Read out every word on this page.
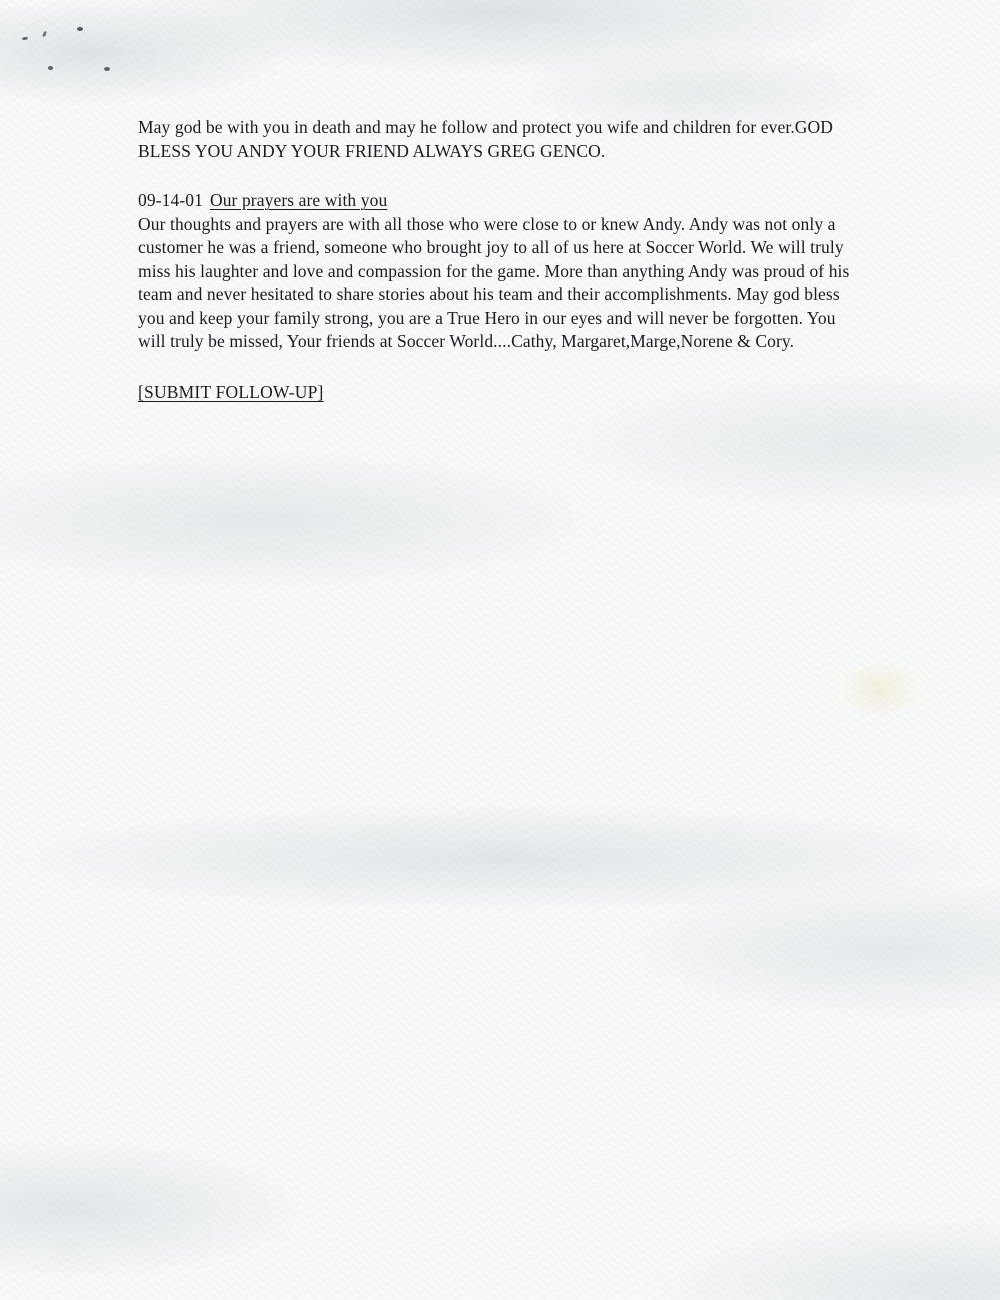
May god be with you in death and may he follow and protect you wife and children for ever.GOD BLESS YOU ANDY YOUR FRIEND ALWAYS GREG GENCO.

09-14-01 Our prayers are with you

Our thoughts and prayers are with all those who were close to or knew Andy. Andy was not only a customer he was a friend, someone who brought joy to all of us here at Soccer World. We will truly miss his laughter and love and compassion for the game. More than anything Andy was proud of his team and never hesitated to share stories about his team and their accomplishments. May god bless you and keep your family strong, you are a True Hero in our eyes and will never be forgotten. You will truly be missed, Your friends at Soccer World....Cathy, Margaret,Marge,Norene & Cory.

[SUBMIT FOLLOW-UP]
